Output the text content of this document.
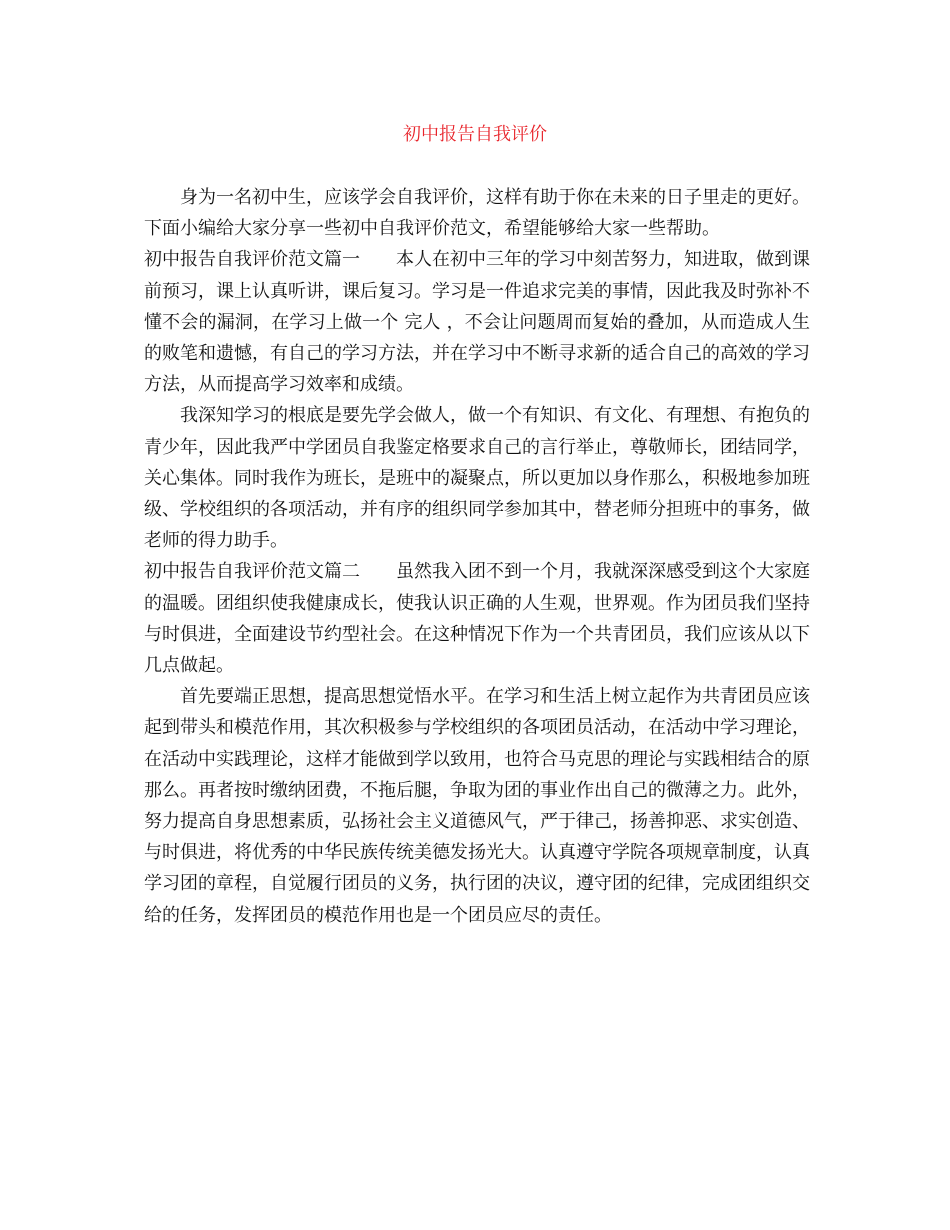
初中报告自我评价

身为一名初中生，应该学会自我评价，这样有助于你在未来的日子里走的更好。下面小编给大家分享一些初中自我评价范文，希望能够给大家一些帮助。

初中报告自我评价范文篇一 本人在初中三年的学习中刻苦努力，知进取，做到课前预习，课上认真听讲，课后复习。学习是一件追求完美的事情，因此我及时弥补不懂不会的漏洞，在学习上做一个 完人 ，不会让问题周而复始的叠加，从而造成人生的败笔和遗憾，有自己的学习方法，并在学习中不断寻求新的适合自己的高效的学习方法，从而提高学习效率和成绩。

我深知学习的根底是要先学会做人，做一个有知识、有文化、有理想、有抱负的青少年，因此我严中学团员自我鉴定格要求自己的言行举止，尊敬师长，团结同学，关心集体。同时我作为班长，是班中的凝聚点，所以更加以身作那么，积极地参加班级、学校组织的各项活动，并有序的组织同学参加其中，替老师分担班中的事务，做老师的得力助手。

初中报告自我评价范文篇二 虽然我入团不到一个月，我就深深感受到这个大家庭的温暖。团组织使我健康成长，使我认识正确的人生观，世界观。作为团员我们坚持与时俱进，全面建设节约型社会。在这种情况下作为一个共青团员，我们应该从以下几点做起。

首先要端正思想，提高思想觉悟水平。在学习和生活上树立起作为共青团员应该起到带头和模范作用，其次积极参与学校组织的各项团员活动，在活动中学习理论，在活动中实践理论，这样才能做到学以致用，也符合马克思的理论与实践相结合的原那么。再者按时缴纳团费，不拖后腿，争取为团的事业作出自己的微薄之力。此外，努力提高自身思想素质，弘扬社会主义道德风气，严于律己，扬善抑恶、求实创造、与时俱进，将优秀的中华民族传统美德发扬光大。认真遵守学院各项规章制度，认真学习团的章程，自觉履行团员的义务，执行团的决议，遵守团的纪律，完成团组织交给的任务，发挥团员的模范作用也是一个团员应尽的责任。
